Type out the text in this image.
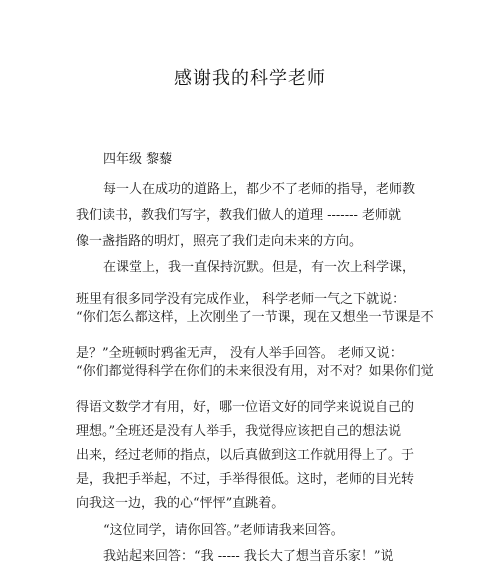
感谢我的科学老师
四年级 黎藜
每一人在成功的道路上，都少不了老师的指导，老师教
我们读书，教我们写字，教我们做人的道理 ------- 老师就
像一盏指路的明灯，照亮了我们走向未来的方向。
在课堂上，我一直保持沉默。但是，有一次上科学课，
班里有很多同学没有完成作业， 科学老师一气之下就说：
“你们怎么都这样，上次刚坐了一节课，现在又想坐一节课是不
是？”全班顿时鸦雀无声， 没有人举手回答。 老师又说：
“你们都觉得科学在你们的未来很没有用，对不对？如果你们觉
得语文数学才有用，好，哪一位语文好的同学来说说自己的
理想。”全班还是没有人举手，我觉得应该把自己的想法说
出来，经过老师的指点，以后真做到这工作就用得上了。于
是，我把手举起，不过，手举得很低。这时，老师的目光转
向我这一边，我的心“怦怦”直跳着。
“这位同学，请你回答。”老师请我来回答。
我站起来回答：“我 ----- 我长大了想当音乐家！”说
